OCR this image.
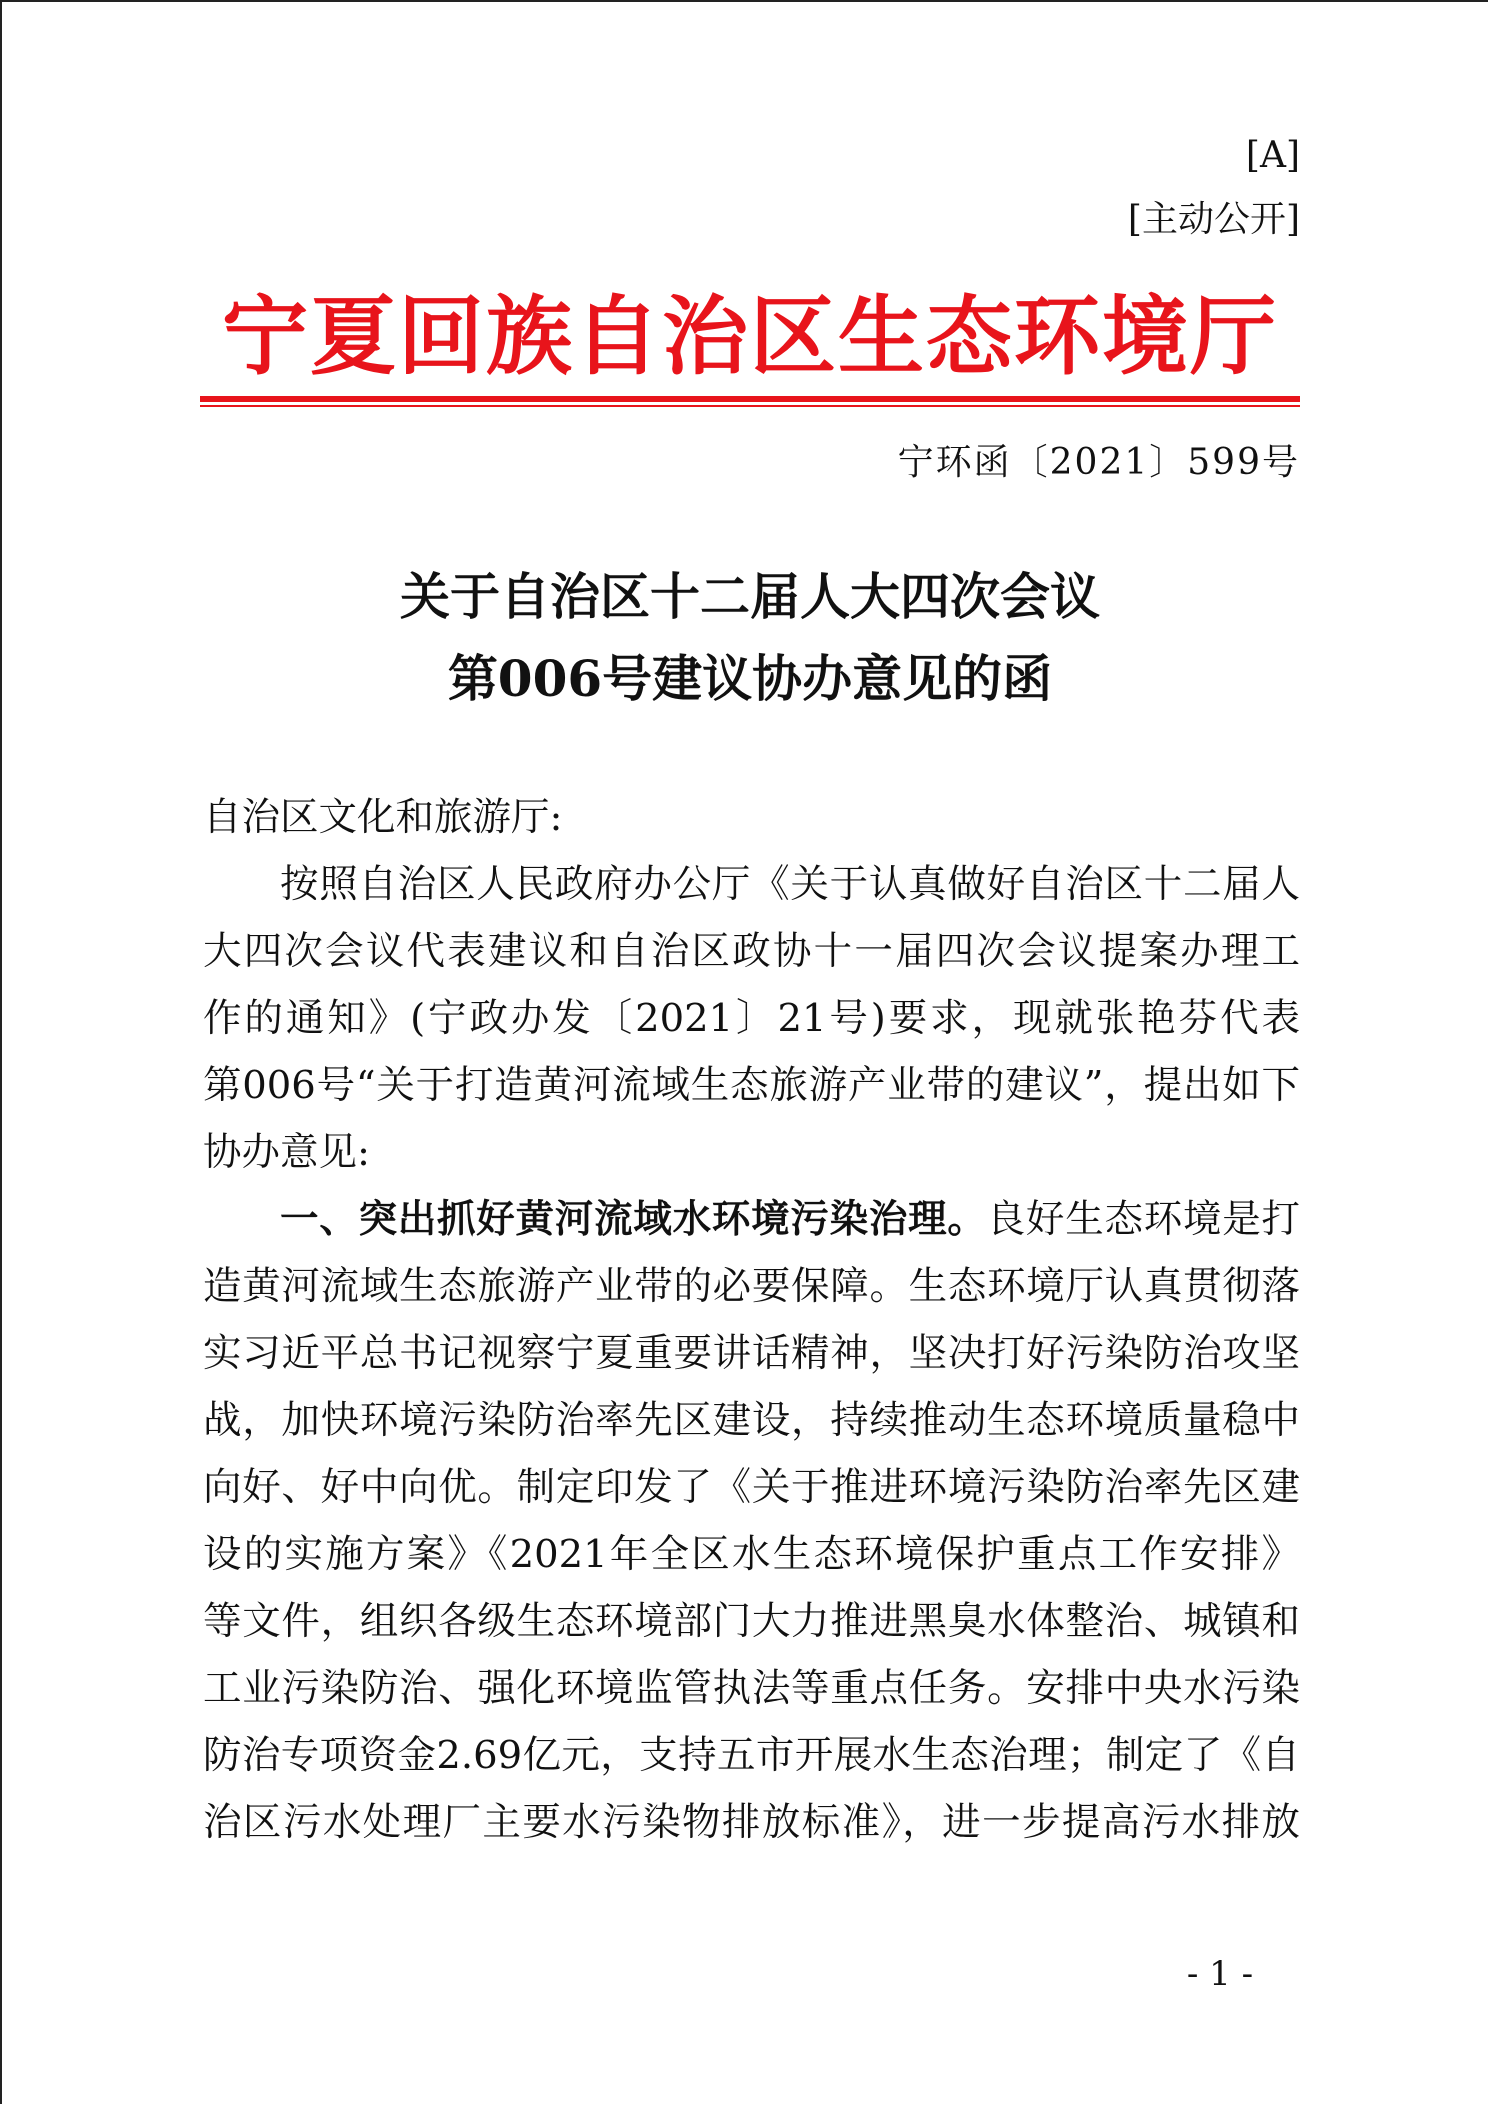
[A]
[主动公开]
宁夏回族自治区生态环境厅
宁环函〔2021〕599号
关于自治区十二届人大四次会议
第006号建议协办意见的函
自治区文化和旅游厅:
按照自治区人民政府办公厅《关于认真做好自治区十二届人
大四次会议代表建议和自治区政协十一届四次会议提案办理工
作的通知》(宁政办发〔2021〕21号)要求，现就张艳芬代表
第006号“关于打造黄河流域生态旅游产业带的建议”，提出如下
协办意见:
一、突出抓好黄河流域水环境污染治理。良好生态环境是打
造黄河流域生态旅游产业带的必要保障。生态环境厅认真贯彻落
实习近平总书记视察宁夏重要讲话精神，坚决打好污染防治攻坚
战，加快环境污染防治率先区建设，持续推动生态环境质量稳中
向好、好中向优。制定印发了《关于推进环境污染防治率先区建
设的实施方案》《2021年全区水生态环境保护重点工作安排》
等文件，组织各级生态环境部门大力推进黑臭水体整治、城镇和
工业污染防治、强化环境监管执法等重点任务。安排中央水污染
防治专项资金2.69亿元，支持五市开展水生态治理；制定了《自
治区污水处理厂主要水污染物排放标准》，进一步提高污水排放
- 1 -
